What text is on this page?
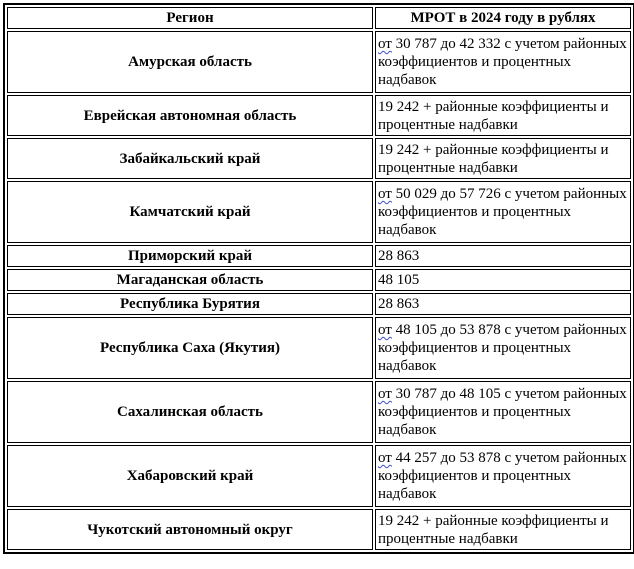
Регион	МРОТ в 2024 году в рублях
Амурская область	от 30 787 до 42 332 с учетом районных коэффициентов и процентных надбавок
Еврейская автономная область	19 242 + районные коэффициенты и процентные надбавки
Забайкальский край	19 242 + районные коэффициенты и процентные надбавки
Камчатский край	от 50 029 до 57 726 с учетом районных коэффициентов и процентных надбавок
Приморский край	28 863
Магаданская область	48 105
Республика Бурятия	28 863
Республика Саха (Якутия)	от 48 105 до 53 878 с учетом районных коэффициентов и процентных надбавок
Сахалинская область	от 30 787 до 48 105 с учетом районных коэффициентов и процентных надбавок
Хабаровский край	от 44 257 до 53 878 с учетом районных коэффициентов и процентных надбавок
Чукотский автономный округ	19 242 + районные коэффициенты и процентные надбавки
